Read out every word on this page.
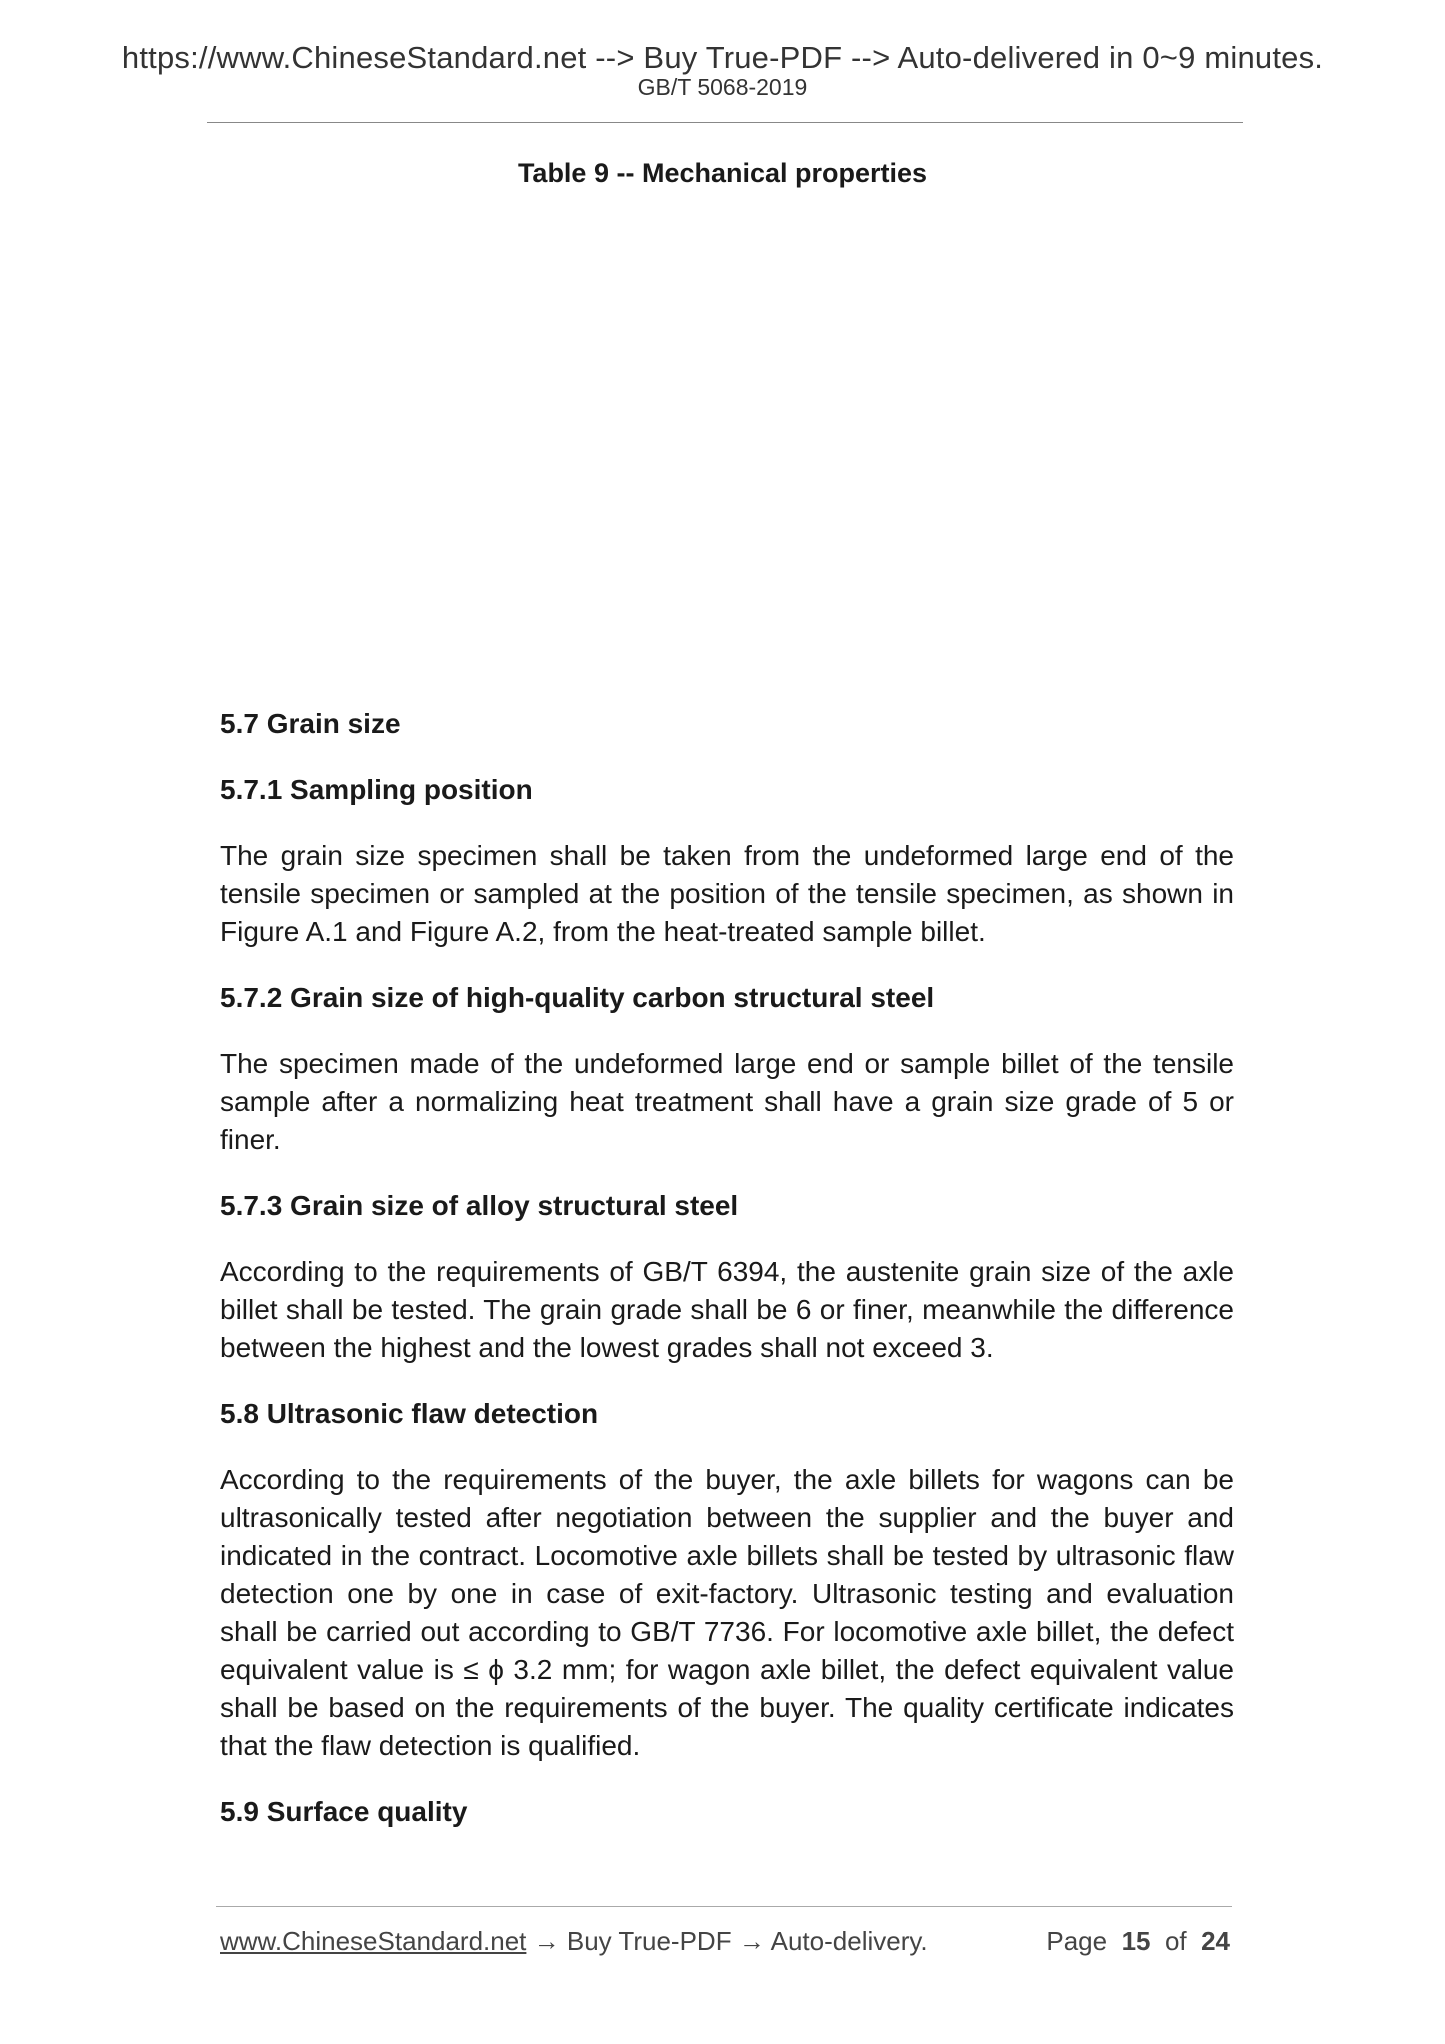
https://www.ChineseStandard.net --> Buy True-PDF --> Auto-delivered in 0~9 minutes.
GB/T 5068-2019
Table 9 -- Mechanical properties
5.7 Grain size
5.7.1 Sampling position
The grain size specimen shall be taken from the undeformed large end of the tensile specimen or sampled at the position of the tensile specimen, as shown in Figure A.1 and Figure A.2, from the heat-treated sample billet.
5.7.2 Grain size of high-quality carbon structural steel
The specimen made of the undeformed large end or sample billet of the tensile sample after a normalizing heat treatment shall have a grain size grade of 5 or finer.
5.7.3 Grain size of alloy structural steel
According to the requirements of GB/T 6394, the austenite grain size of the axle billet shall be tested. The grain grade shall be 6 or finer, meanwhile the difference between the highest and the lowest grades shall not exceed 3.
5.8 Ultrasonic flaw detection
According to the requirements of the buyer, the axle billets for wagons can be ultrasonically tested after negotiation between the supplier and the buyer and indicated in the contract. Locomotive axle billets shall be tested by ultrasonic flaw detection one by one in case of exit-factory. Ultrasonic testing and evaluation shall be carried out according to GB/T 7736. For locomotive axle billet, the defect equivalent value is ≤ ϕ 3.2 mm; for wagon axle billet, the defect equivalent value shall be based on the requirements of the buyer. The quality certificate indicates that the flaw detection is qualified.
5.9 Surface quality
www.ChineseStandard.net → Buy True-PDF → Auto-delivery.	Page 15 of 24
